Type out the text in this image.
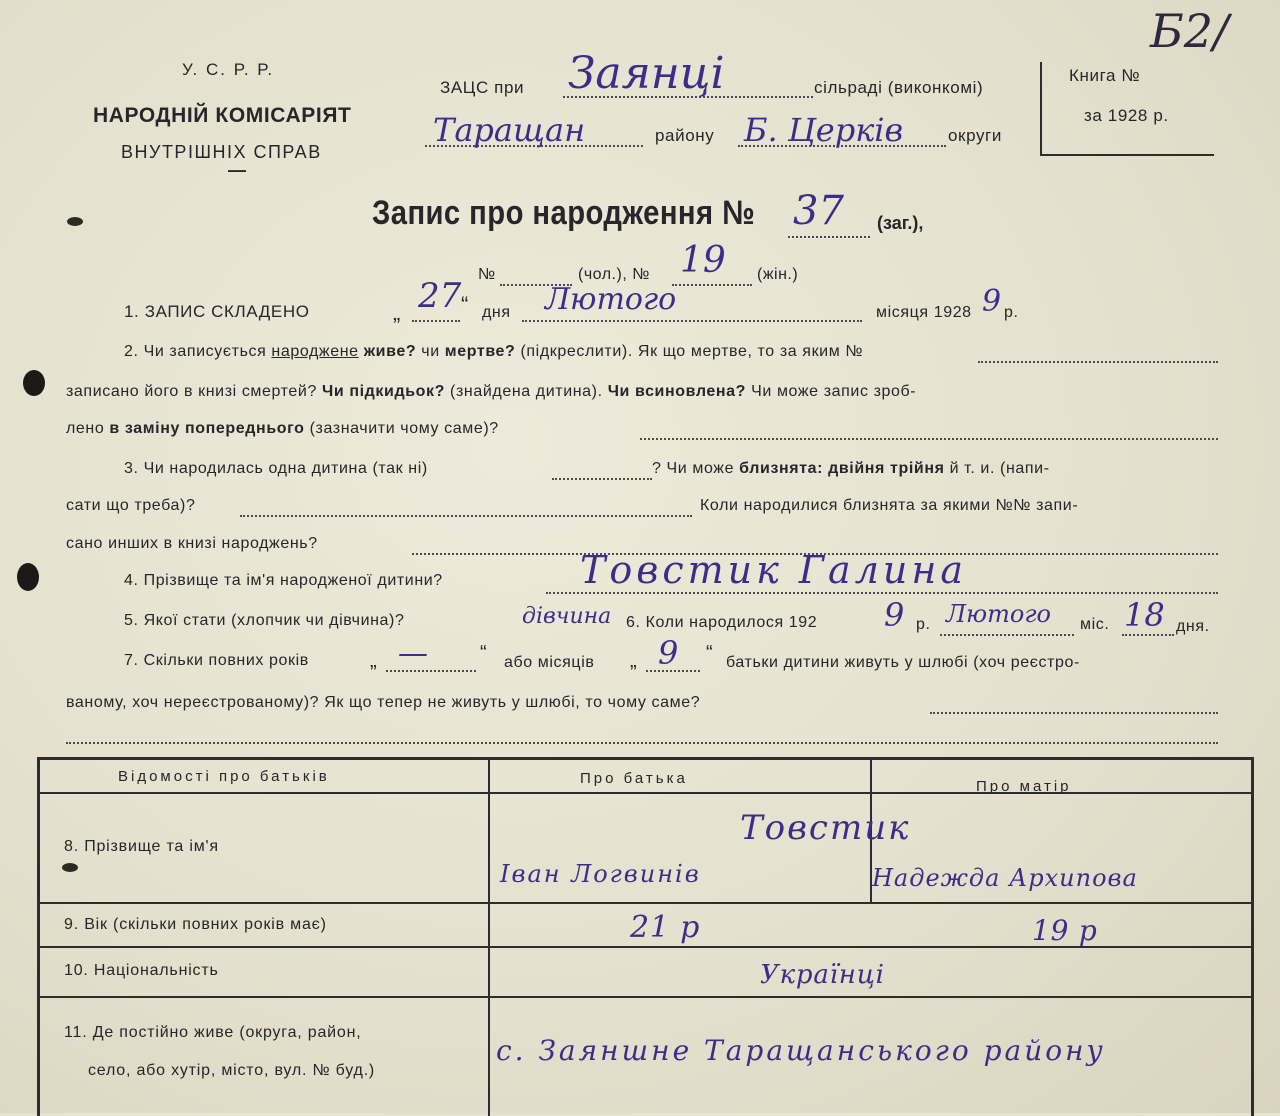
Б2/
У. С. Р. Р.
НАРОДНІЙ КОМІСАРІЯТ
ВНУТРІШНІХ СПРАВ
—
ЗАЦС при Заянці	сільраді (виконкомі)
Таращан	району Б. Церків	округи
Книга №
за 1928 р.
Запис про народження № 37 (заг.),
№	(чол.), № 19 (жін.)
1. ЗАПИС СКЛАДЕНО	„ 27 “ дня Лютого	місяця 1928 9 р.
2. Чи записується народжене живе? чи мертве? (підкреслити). Як що мертве, то за яким №
записано його в книзі смертей? Чи підкидьок? (знайдена дитина). Чи всиновлена? Чи може запис зроб-
лено в заміну попереднього (зазначити чому саме)?
3. Чи народилась одна дитина (так ні)	? Чи може близнята: двійня трійня й т. и. (напи-
сати що треба)?	Коли народилися близнята за якими №№ запи-
сано инших в книзі народжень?
4. Прізвище та ім'я народженої дитини?	Товстик Галина
5. Якої стати (хлопчик чи дівчина)?	дівчина 6. Коли народилося 192 9 р. Лютого міс. 18 дня.
7. Скільки повних років	„ —	“ або місяців „ 9 “ батьки дитини живуть у шлюбі (хоч реєстро-
ваному, хоч нереєстрованому)? Як що тепер не живуть у шлюбі, то чому саме?
Відомості про батьків	Про батька	Про матір
8. Прізвище та ім'я	Товстик
Іван Логвинів	Надежда Архипова
9. Вік (скільки повних років має)	21 р	19 р
10. Національність	Українці
11. Де постійно живе (округа, район,
село, або хутір, місто, вул. № буд.)
с. Заяншне Таращанського району
